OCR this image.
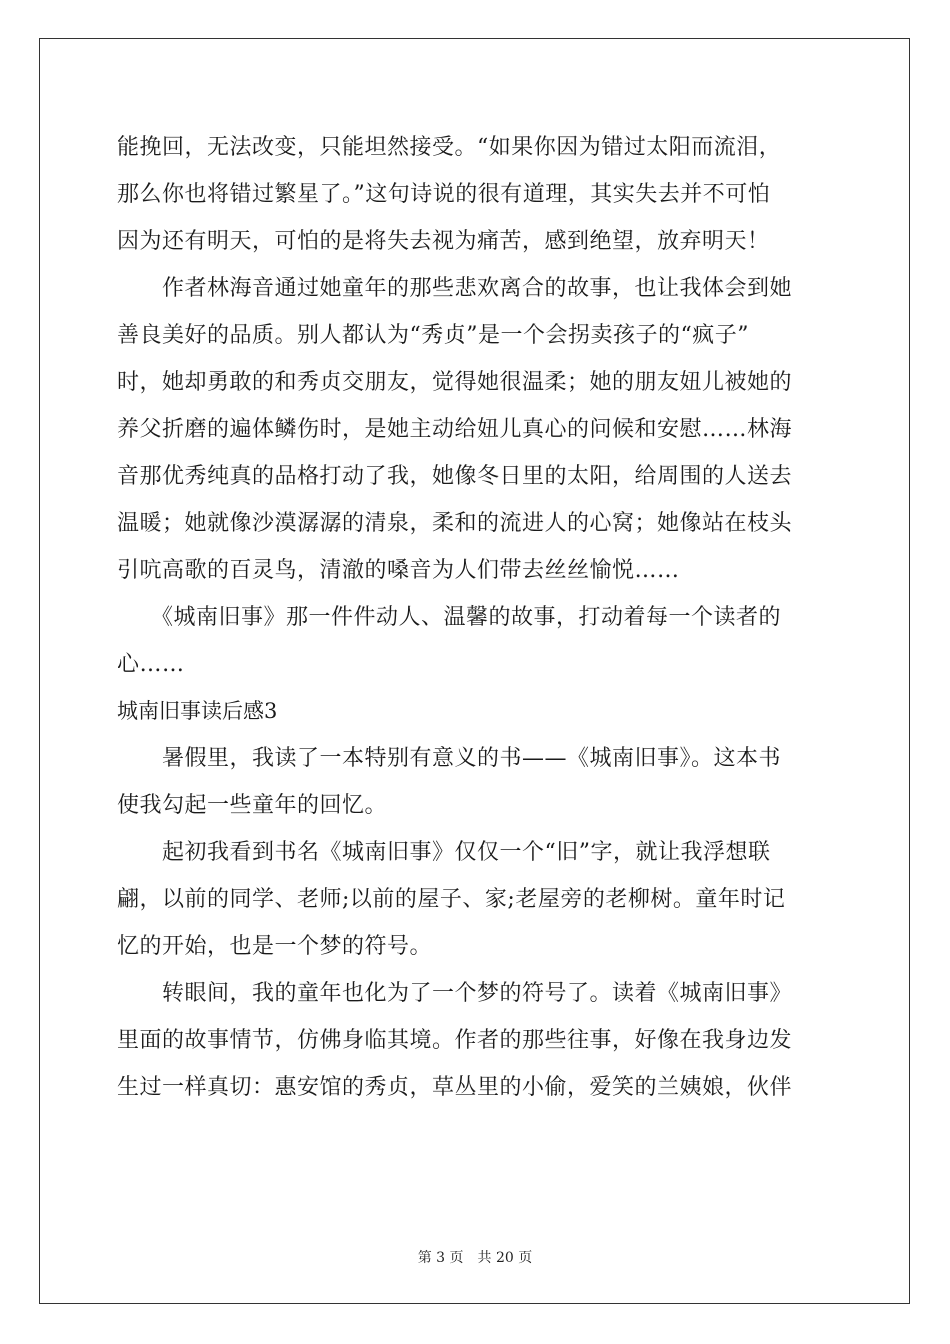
能挽回，无法改变，只能坦然接受。“如果你因为错过太阳而流泪，
那么你也将错过繁星了。”这句诗说的很有道理，其实失去并不可怕
因为还有明天，可怕的是将失去视为痛苦，感到绝望，放弃明天！
　　作者林海音通过她童年的那些悲欢离合的故事，也让我体会到她
善良美好的品质。别人都认为“秀贞”是一个会拐卖孩子的“疯子”
时，她却勇敢的和秀贞交朋友，觉得她很温柔；她的朋友妞儿被她的
养父折磨的遍体鳞伤时，是她主动给妞儿真心的问候和安慰……林海
音那优秀纯真的品格打动了我，她像冬日里的太阳，给周围的人送去
温暖；她就像沙漠潺潺的清泉，柔和的流进人的心窝；她像站在枝头
引吭高歌的百灵鸟，清澈的嗓音为人们带去丝丝愉悦……
　　《城南旧事》那一件件动人、温馨的故事，打动着每一个读者的
心……
城南旧事读后感3
　　暑假里，我读了一本特别有意义的书——《城南旧事》。这本书
使我勾起一些童年的回忆。
　　起初我看到书名《城南旧事》仅仅一个“旧”字，就让我浮想联
翩，以前的同学、老师;以前的屋子、家;老屋旁的老柳树。童年时记
忆的开始，也是一个梦的符号。
　　转眼间，我的童年也化为了一个梦的符号了。读着《城南旧事》
里面的故事情节，仿佛身临其境。作者的那些往事，好像在我身边发
生过一样真切：惠安馆的秀贞，草丛里的小偷，爱笑的兰姨娘，伙伴
第 3 页　 共 20 页
